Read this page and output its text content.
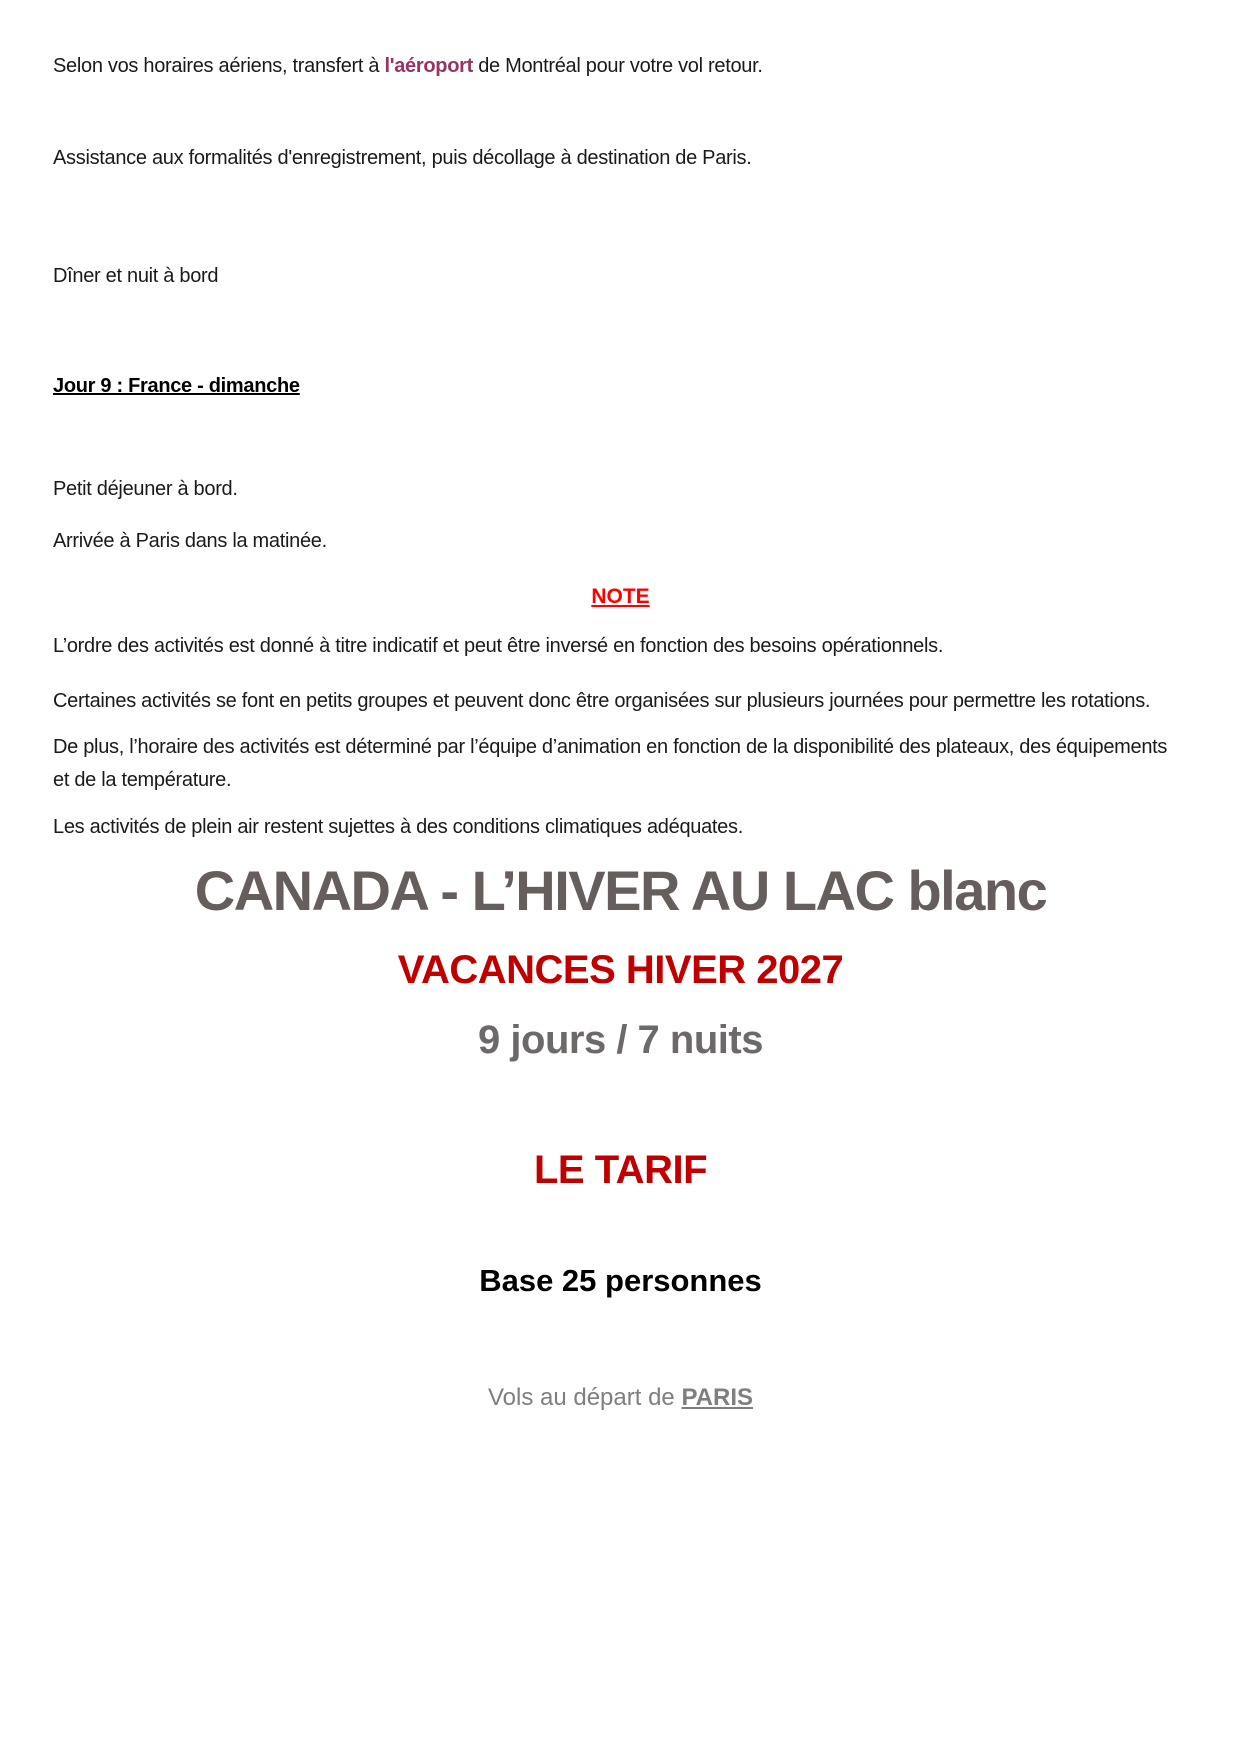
Selon vos horaires aériens, transfert à l'aéroport de Montréal pour votre vol retour.

Assistance aux formalités d'enregistrement, puis décollage à destination de Paris.

Dîner et nuit à bord

Jour 9 : France - dimanche

Petit déjeuner à bord.

Arrivée à Paris dans la matinée.

NOTE

L’ordre des activités est donné à titre indicatif et peut être inversé en fonction des besoins opérationnels.

Certaines activités se font en petits groupes et peuvent donc être organisées sur plusieurs journées pour permettre les rotations.

De plus, l’horaire des activités est déterminé par l’équipe d’animation en fonction de la disponibilité des plateaux, des équipements et de la température.

Les activités de plein air restent sujettes à des conditions climatiques adéquates.

CANADA - L’HIVER AU LAC blanc
VACANCES HIVER 2027
9 jours / 7 nuits
LE TARIF

Base 25 personnes

Vols au départ de PARIS
